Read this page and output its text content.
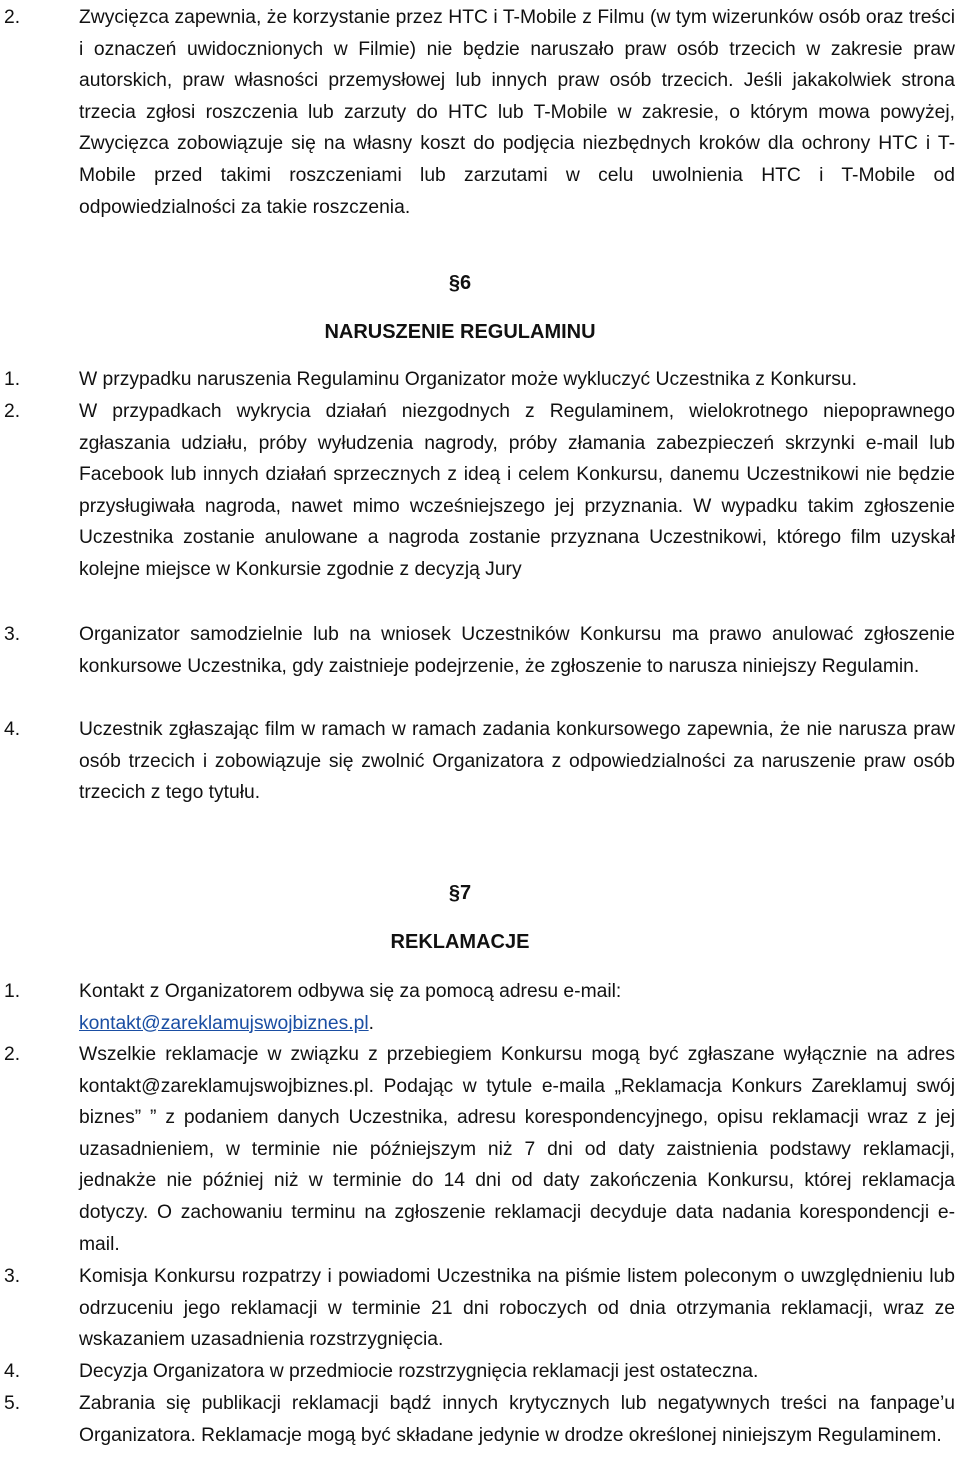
2.	Zwycięzca zapewnia, że korzystanie przez HTC i T-Mobile z Filmu (w tym wizerunków osób oraz treści i oznaczeń uwidocznionych w Filmie) nie będzie naruszało praw osób trzecich w zakresie praw autorskich, praw własności przemysłowej lub innych praw osób trzecich. Jeśli jakakolwiek strona trzecia zgłosi roszczenia lub zarzuty do HTC lub T-Mobile w zakresie, o którym mowa powyżej, Zwycięzca zobowiązuje się na własny koszt do podjęcia niezbędnych kroków dla ochrony HTC i T-Mobile przed takimi roszczeniami lub zarzutami w celu uwolnienia HTC i T-Mobile od odpowiedzialności za takie roszczenia.
§6
NARUSZENIE REGULAMINU
1.	W przypadku naruszenia Regulaminu Organizator może wykluczyć Uczestnika z Konkursu.
2.	W przypadkach wykrycia działań niezgodnych z Regulaminem, wielokrotnego niepoprawnego zgłaszania udziału, próby wyłudzenia nagrody, próby złamania zabezpieczeń skrzynki e-mail lub Facebook lub innych działań sprzecznych z ideą i celem Konkursu, danemu Uczestnikowi nie będzie przysługiwała nagroda, nawet mimo wcześniejszego jej przyznania. W wypadku takim zgłoszenie Uczestnika zostanie anulowane a nagroda zostanie przyznana Uczestnikowi, którego film uzyskał kolejne miejsce w Konkursie zgodnie z decyzją Jury
3.	Organizator samodzielnie lub na wniosek Uczestników Konkursu ma prawo anulować zgłoszenie konkursowe Uczestnika, gdy zaistnieje podejrzenie, że zgłoszenie to narusza niniejszy Regulamin.
4.	Uczestnik zgłaszając film w ramach w ramach zadania konkursowego zapewnia, że nie narusza praw osób trzecich i zobowiązuje się zwolnić Organizatora z odpowiedzialności za naruszenie praw osób trzecich z tego tytułu.
§7
REKLAMACJE
1.	Kontakt z Organizatorem odbywa się za pomocą adresu e-mail:
kontakt@zareklamujswojbiznes.pl.
2.	Wszelkie reklamacje w związku z przebiegiem Konkursu mogą być zgłaszane wyłącznie na adres kontakt@zareklamujswojbiznes.pl. Podając w tytule e-maila „Reklamacja Konkurs Zareklamuj swój biznes” ” z podaniem danych Uczestnika, adresu korespondencyjnego, opisu reklamacji wraz z jej uzasadnieniem, w terminie nie późniejszym niż 7 dni od daty zaistnienia podstawy reklamacji, jednakże nie później niż w terminie do 14 dni od daty zakończenia Konkursu, której reklamacja dotyczy. O zachowaniu terminu na zgłoszenie reklamacji decyduje data nadania korespondencji e-mail.
3.	Komisja Konkursu rozpatrzy i powiadomi Uczestnika na piśmie listem poleconym o uwzględnieniu lub odrzuceniu jego reklamacji w terminie 21 dni roboczych od dnia otrzymania reklamacji, wraz ze wskazaniem uzasadnienia rozstrzygnięcia.
4.	Decyzja Organizatora w przedmiocie rozstrzygnięcia reklamacji jest ostateczna.
5.	Zabrania się publikacji reklamacji bądź innych krytycznych lub negatywnych treści na fanpage’u Organizatora. Reklamacje mogą być składane jedynie w drodze określonej niniejszym Regulaminem.
